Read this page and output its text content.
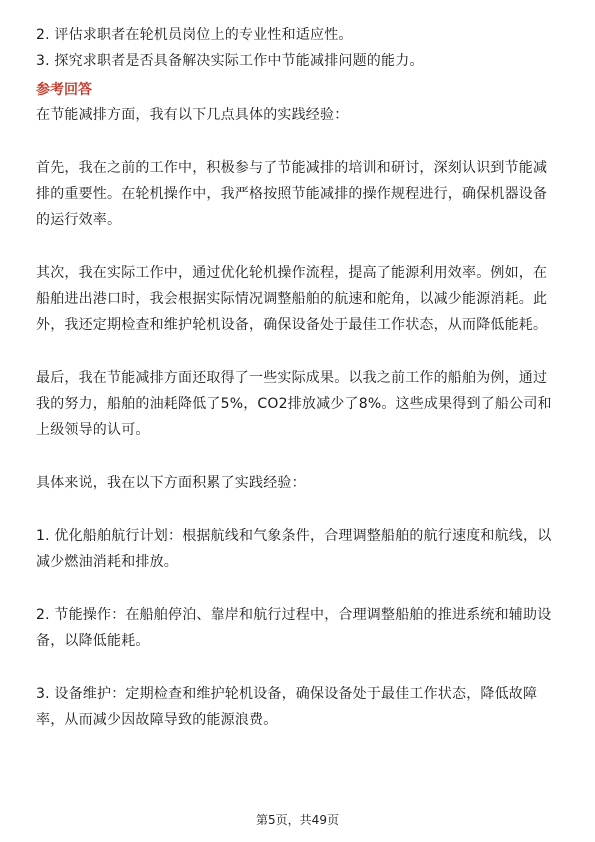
2. 评估求职者在轮机员岗位上的专业性和适应性。
3. 探究求职者是否具备解决实际工作中节能减排问题的能力。
参考回答
在节能减排方面，我有以下几点具体的实践经验：
首先，我在之前的工作中，积极参与了节能减排的培训和研讨，深刻认识到节能减
排的重要性。在轮机操作中，我严格按照节能减排的操作规程进行，确保机器设备
的运行效率。
其次，我在实际工作中，通过优化轮机操作流程，提高了能源利用效率。例如，在
船舶进出港口时，我会根据实际情况调整船舶的航速和舵角，以减少能源消耗。此
外，我还定期检查和维护轮机设备，确保设备处于最佳工作状态，从而降低能耗。
最后，我在节能减排方面还取得了一些实际成果。以我之前工作的船舶为例，通过
我的努力，船舶的油耗降低了5%，CO2排放减少了8%。这些成果得到了船公司和
上级领导的认可。
具体来说，我在以下方面积累了实践经验：
1. 优化船舶航行计划：根据航线和气象条件，合理调整船舶的航行速度和航线，以
减少燃油消耗和排放。
2. 节能操作：在船舶停泊、靠岸和航行过程中，合理调整船舶的推进系统和辅助设
备，以降低能耗。
3. 设备维护：定期检查和维护轮机设备，确保设备处于最佳工作状态，降低故障
率，从而减少因故障导致的能源浪费。
第5页，共49页
